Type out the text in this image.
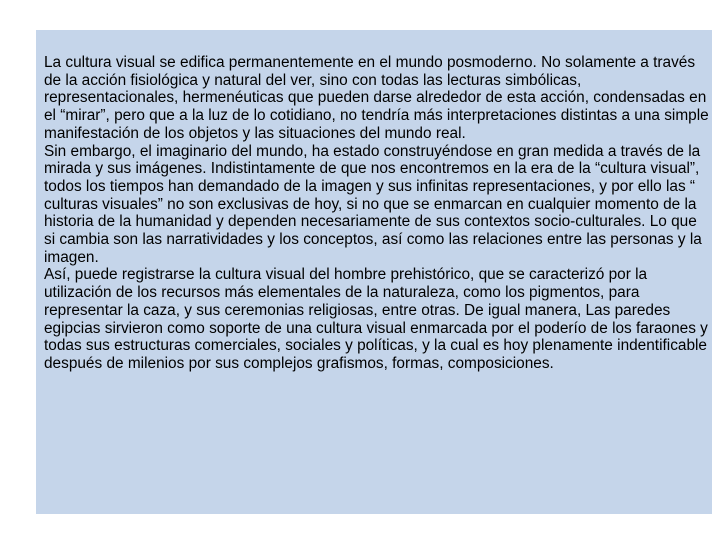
La cultura visual se edifica permanentemente en el mundo posmoderno. No solamente a través de la acción fisiológica y natural del ver, sino con todas las lecturas simbólicas, representacionales, hermenéuticas que pueden darse alrededor de esta acción, condensadas en el “mirar”, pero que a la luz de lo cotidiano, no tendría más interpretaciones distintas a una simple manifestación de los objetos y las situaciones del mundo real.

Sin embargo, el imaginario del mundo, ha estado construyéndose en gran medida a través de la mirada y sus imágenes. Indistintamente de que nos encontremos en la era de la “cultura visual”, todos los tiempos han demandado de la imagen y sus infinitas representaciones, y por ello las “ culturas visuales” no son exclusivas de hoy, si no que se enmarcan en cualquier momento de la historia de la humanidad y dependen necesariamente de sus contextos socio-culturales. Lo que si cambia son las narratividades y los conceptos, así como las relaciones entre las personas y la imagen.

Así, puede registrarse la cultura visual del hombre prehistórico, que se caracterizó por la utilización de los recursos más elementales de la naturaleza, como los pigmentos, para representar la caza, y sus ceremonias religiosas, entre otras. De igual manera, Las paredes egipcias sirvieron como soporte de una cultura visual enmarcada por el poderío de los faraones y todas sus estructuras comerciales, sociales y políticas, y la cual es hoy plenamente indentificable después de milenios por sus complejos grafismos, formas, composiciones.
